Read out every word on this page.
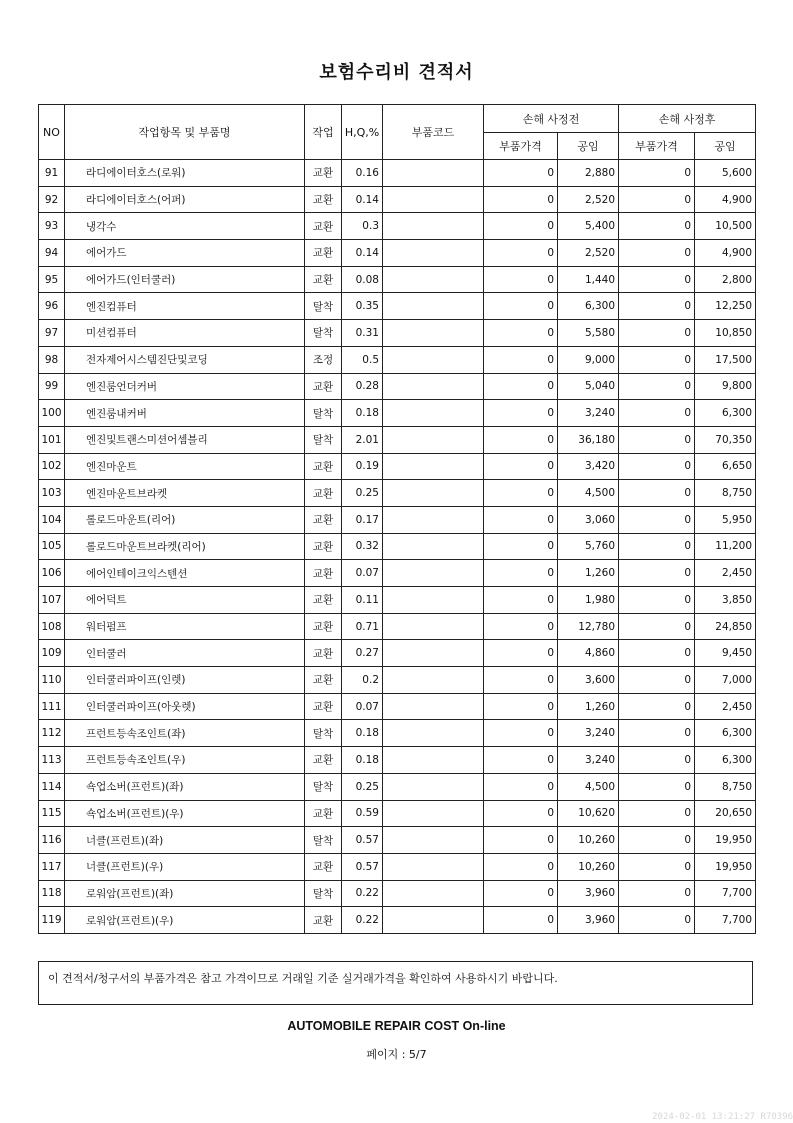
보험수리비 견적서
NO	작업항목 및 부품명	작업	H,Q,%	부품코드	손해 사정전		손해 사정후	
					부품가격	공임	부품가격	공임
91	라디에이터호스(로워)	교환	0.16		0	2,880	0	5,600
92	라디에이터호스(어퍼)	교환	0.14		0	2,520	0	4,900
93	냉각수	교환	0.3		0	5,400	0	10,500
94	에어가드	교환	0.14		0	2,520	0	4,900
95	에어가드(인터쿨러)	교환	0.08		0	1,440	0	2,800
96	엔진컴퓨터	탈착	0.35		0	6,300	0	12,250
97	미션컴퓨터	탈착	0.31		0	5,580	0	10,850
98	전자제어시스템진단및코딩	조정	0.5		0	9,000	0	17,500
99	엔진룸언더커버	교환	0.28		0	5,040	0	9,800
100	엔진룸내커버	탈착	0.18		0	3,240	0	6,300
101	엔진및트랜스미션어셈블리	탈착	2.01		0	36,180	0	70,350
102	엔진마운트	교환	0.19		0	3,420	0	6,650
103	엔진마운트브라켓	교환	0.25		0	4,500	0	8,750
104	롤로드마운트(리어)	교환	0.17		0	3,060	0	5,950
105	롤로드마운트브라켓(리어)	교환	0.32		0	5,760	0	11,200
106	에어인테이크익스텐션	교환	0.07		0	1,260	0	2,450
107	에어덕트	교환	0.11		0	1,980	0	3,850
108	워터펌프	교환	0.71		0	12,780	0	24,850
109	인터쿨러	교환	0.27		0	4,860	0	9,450
110	인터쿨러파이프(인렛)	교환	0.2		0	3,600	0	7,000
111	인터쿨러파이프(아웃렛)	교환	0.07		0	1,260	0	2,450
112	프런트등속조인트(좌)	탈착	0.18		0	3,240	0	6,300
113	프런트등속조인트(우)	교환	0.18		0	3,240	0	6,300
114	쇽업소버(프런트)(좌)	탈착	0.25		0	4,500	0	8,750
115	쇽업소버(프런트)(우)	교환	0.59		0	10,620	0	20,650
116	너클(프런트)(좌)	탈착	0.57		0	10,260	0	19,950
117	너클(프런트)(우)	교환	0.57		0	10,260	0	19,950
118	로워암(프런트)(좌)	탈착	0.22		0	3,960	0	7,700
119	로워암(프런트)(우)	교환	0.22		0	3,960	0	7,700
이 견적서/청구서의 부품가격은 참고 가격이므로 거래일 기준 실거래가격을 확인하여 사용하시기 바랍니다.
AUTOMOBILE REPAIR COST On-line
페이지 : 5/7
2024-02-01 13:21:27 R70396
